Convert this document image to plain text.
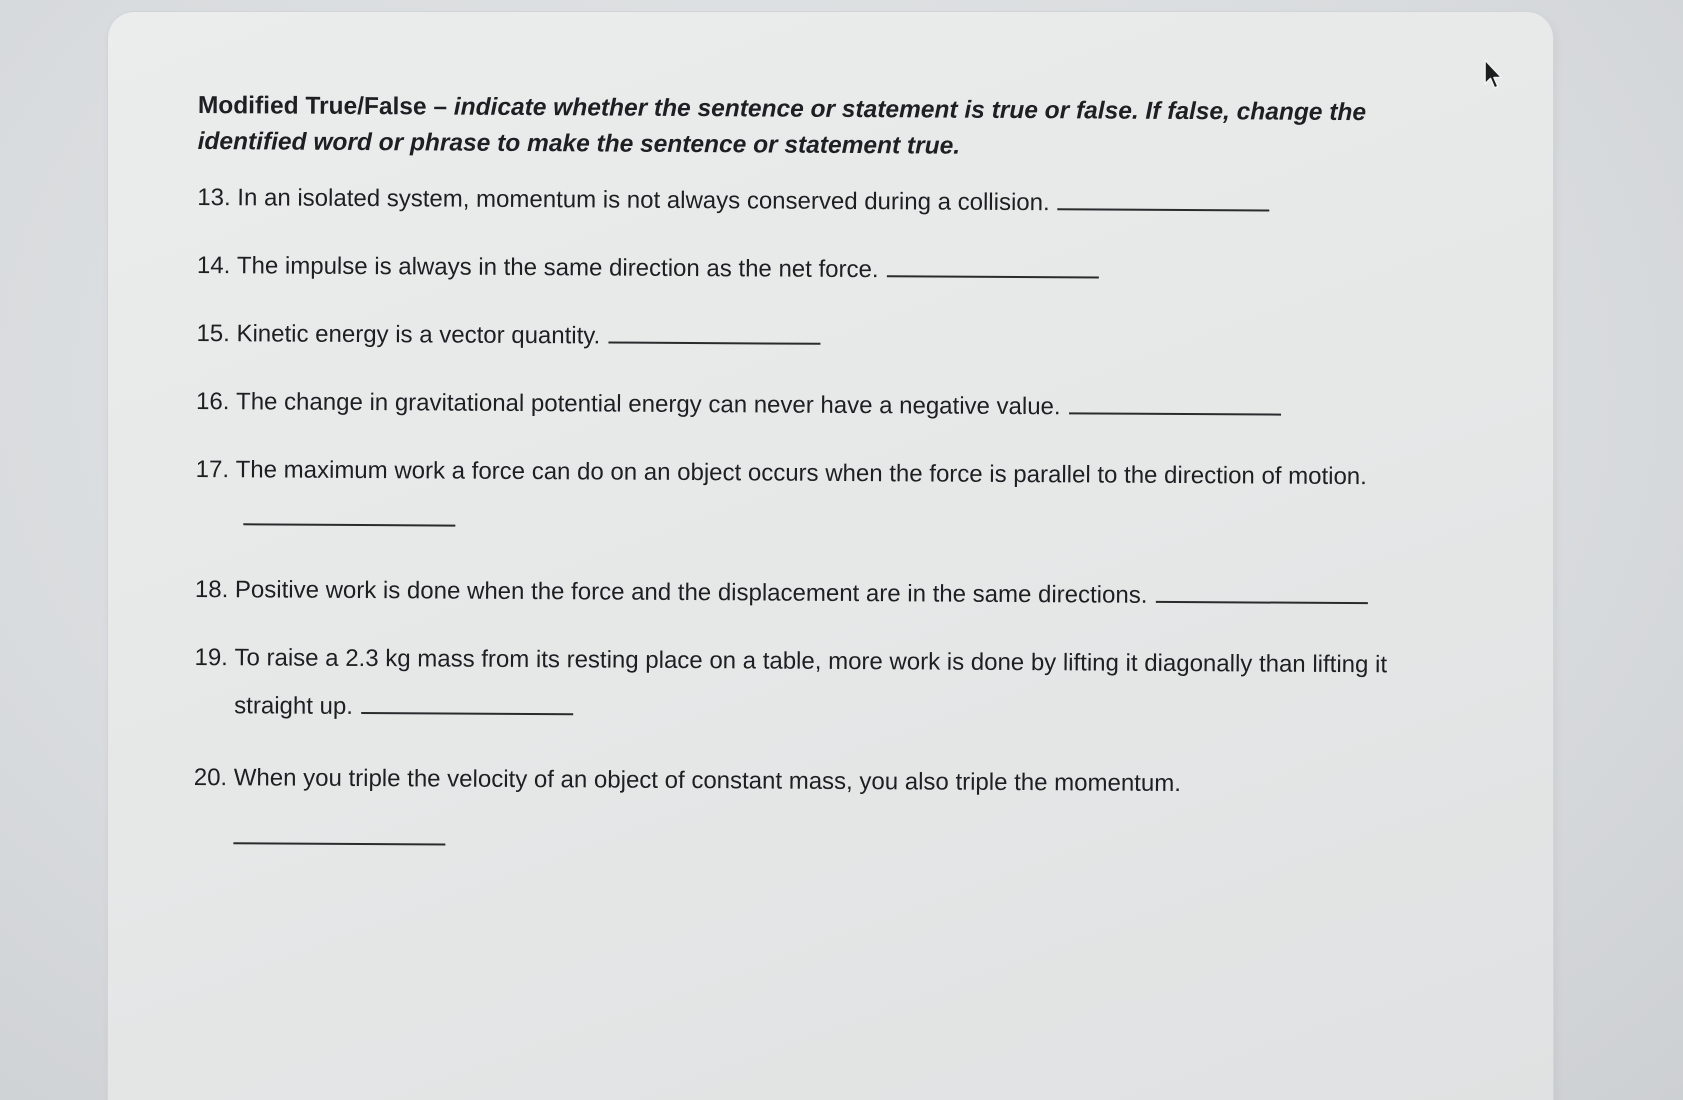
Modified True/False – indicate whether the sentence or statement is true or false. If false, change the identified word or phrase to make the sentence or statement true.

13. In an isolated system, momentum is not always conserved during a collision.
14. The impulse is always in the same direction as the net force.
15. Kinetic energy is a vector quantity.
16. The change in gravitational potential energy can never have a negative value.
17. The maximum work a force can do on an object occurs when the force is parallel to the direction of motion.
18. Positive work is done when the force and the displacement are in the same directions.
19. To raise a 2.3 kg mass from its resting place on a table, more work is done by lifting it diagonally than lifting it straight up.
20. When you triple the velocity of an object of constant mass, you also triple the momentum.
